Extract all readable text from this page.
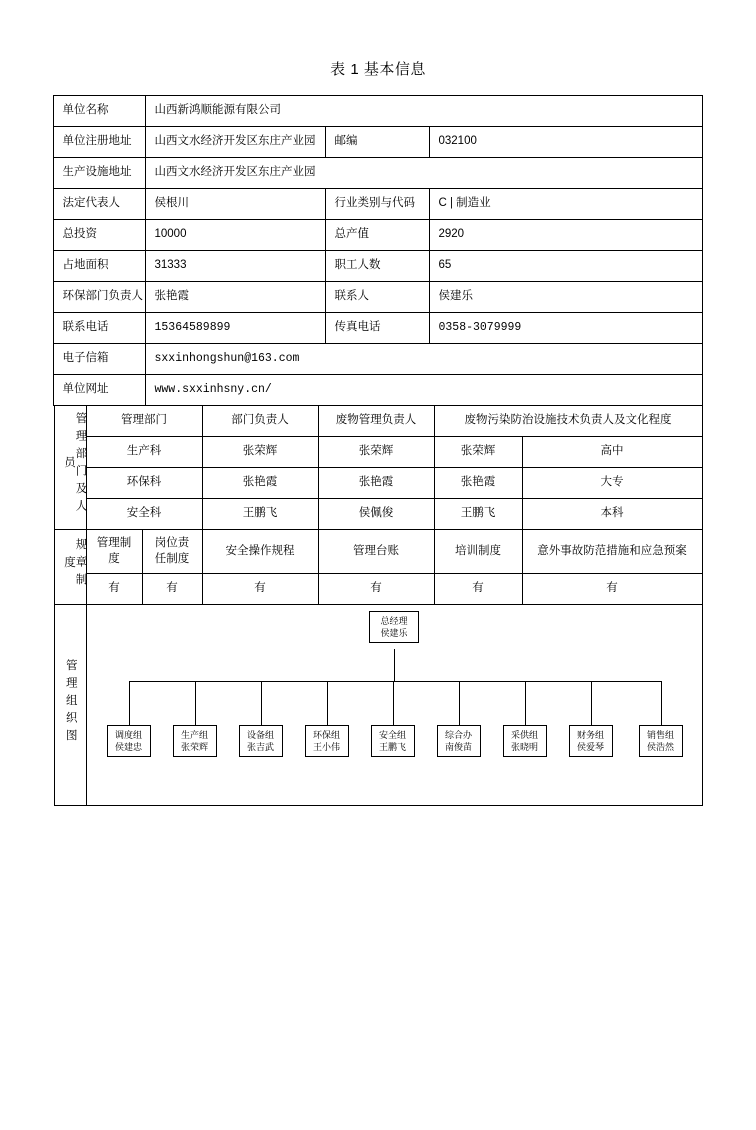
表 1 基本信息
单位名称	山西新鸿顺能源有限公司		
单位注册地址	山西文水经济开发区东庄产业园	邮编	032100
生产设施地址	山西文水经济开发区东庄产业园		
法定代表人	侯根川	行业类别与代码	C | 制造业
总投资	10000	总产值	2920
占地面积	31333	职工人数	65
环保部门负责人	张艳霞	联系人	侯建乐
联系电话	15364589899	传真电话	0358-3079999
电子信箱	sxxinhongshun@163.com		
单位网址	www.sxxinhsny.cn/		
管理部门及人员	管理部门	部门负责人	废物管理负责人	废物污染防治设施技术负责人及文化程度	
	生产科	张荣辉	张荣辉	张荣辉	高中
	环保科	张艳霞	张艳霞	张艳霞	大专
	安全科	王鹏飞	侯佩俊	王鹏飞	本科
规章制度	管理制度	岗位责任制度	安全操作规程	管理台账	培训制度	意外事故防范措施和应急预案
	有	有	有	有	有	有
管理组织图	
总经理
侯建乐
调度组
侯建忠
生产组
张荣辉
设备组
张吉武
环保组
王小伟
安全组
王鹏飞
综合办
南俊苗
采供组
张晓明
财务组
侯爱琴
销售组
侯浩然
